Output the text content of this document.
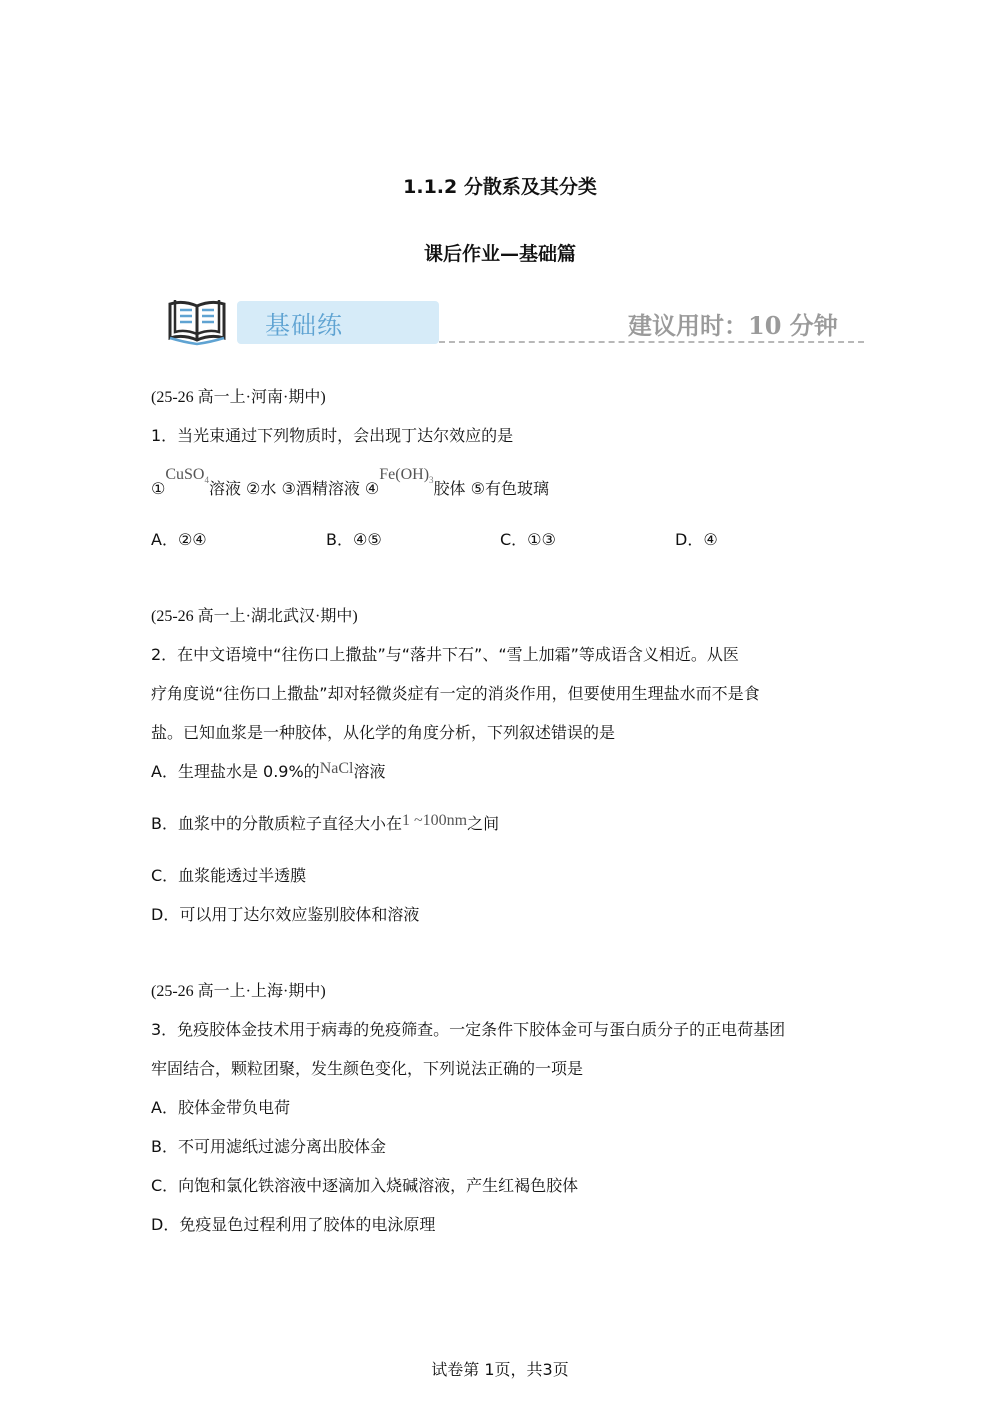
1.1.2 分散系及其分类
课后作业—基础篇
基础练	建议用时：10 分钟
(25-26 高一上·河南·期中)
1．当光束通过下列物质时，会出现丁达尔效应的是
①CuSO$_4$溶液 ②水 ③酒精溶液 $④Fe(OH)_3$胶体 ⑤有色玻璃
A．②④	B．④⑤	C．①③	D．④
(25-26 高一上·湖北武汉·期中)
2．在中文语境中“往伤口上撒盐”与“落井下石”、“雪上加霜”等成语含义相近。从医
疗角度说“往伤口上撒盐”却对轻微炎症有一定的消炎作用，但要使用生理盐水而不是食
盐。已知血浆是一种胶体，从化学的角度分析，下列叙述错误的是
A．生理盐水是 0.9%的NaCl溶液
B．血浆中的分散质粒子直径大小在1 ~100nm之间
C．血浆能透过半透膜
D．可以用丁达尔效应鉴别胶体和溶液
(25-26 高一上·上海·期中)
3．免疫胶体金技术用于病毒的免疫筛查。一定条件下胶体金可与蛋白质分子的正电荷基团
牢固结合，颗粒团聚，发生颜色变化，下列说法正确的一项是
A．胶体金带负电荷
B．不可用滤纸过滤分离出胶体金
C．向饱和氯化铁溶液中逐滴加入烧碱溶液，产生红褐色胶体
D．免疫显色过程利用了胶体的电泳原理
试卷第 1页，共3页
